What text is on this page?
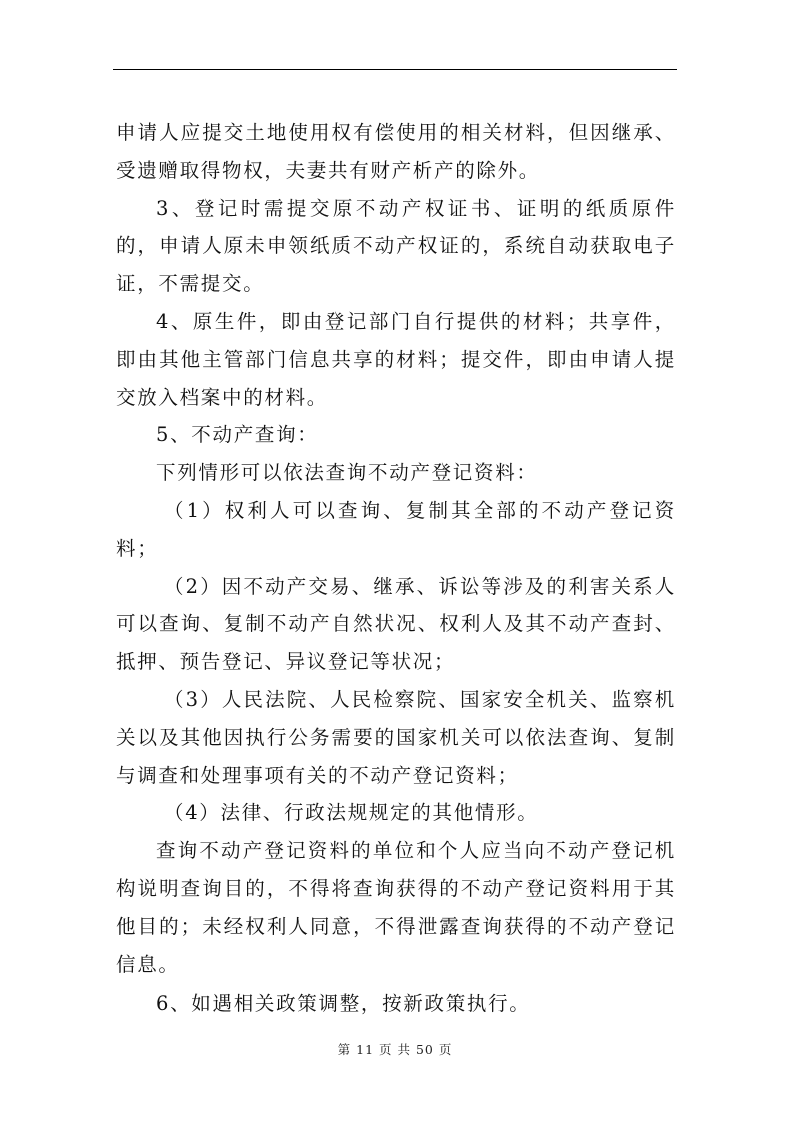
申请人应提交土地使用权有偿使用的相关材料，但因继承、受遗赠取得物权，夫妻共有财产析产的除外。

3、登记时需提交原不动产权证书、证明的纸质原件的，申请人原未申领纸质不动产权证的，系统自动获取电子证，不需提交。

4、原生件，即由登记部门自行提供的材料；共享件，即由其他主管部门信息共享的材料；提交件，即由申请人提交放入档案中的材料。

5、不动产查询：

下列情形可以依法查询不动产登记资料：

（1）权利人可以查询、复制其全部的不动产登记资料；

（2）因不动产交易、继承、诉讼等涉及的利害关系人可以查询、复制不动产自然状况、权利人及其不动产查封、抵押、预告登记、异议登记等状况；

（3）人民法院、人民检察院、国家安全机关、监察机关以及其他因执行公务需要的国家机关可以依法查询、复制与调查和处理事项有关的不动产登记资料；

（4）法律、行政法规规定的其他情形。

查询不动产登记资料的单位和个人应当向不动产登记机构说明查询目的，不得将查询获得的不动产登记资料用于其他目的；未经权利人同意，不得泄露查询获得的不动产登记信息。

6、如遇相关政策调整，按新政策执行。

第 11 页 共 50 页
